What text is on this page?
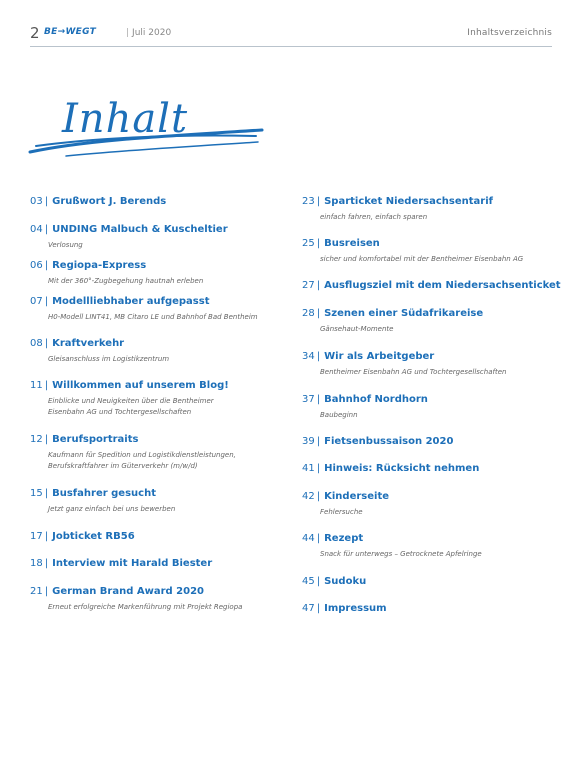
2 BE→WEGT	| Juli 2020	Inhaltsverzeichnis
Inhalt
03 | Grußwort J. Berends
04 | UNDING Malbuch & Kuscheltier
Verlosung
06 | Regiopa-Express
Mit der 360°-Zugbegehung hautnah erleben
07 | Modellliebhaber aufgepasst
H0-Modell LINT41, MB Citaro LE und Bahnhof Bad Bentheim
08 | Kraftverkehr
Gleisanschluss im Logistikzentrum
11 | Willkommen auf unserem Blog!
Einblicke und Neuigkeiten über die Bentheimer
Eisenbahn AG und Tochtergesellschaften
12 | Berufsportraits
Kaufmann für Spedition und Logistikdienstleistungen,
Berufskraftfahrer im Güterverkehr (m/w/d)
15 | Busfahrer gesucht
Jetzt ganz einfach bei uns bewerben
17 | Jobticket RB56
18 | Interview mit Harald Biester
21 | German Brand Award 2020
Erneut erfolgreiche Markenführung mit Projekt Regiopa
23 | Sparticket Niedersachsentarif
einfach fahren, einfach sparen
25 | Busreisen
sicher und komfortabel mit der Bentheimer Eisenbahn AG
27 | Ausflugsziel mit dem Niedersachsenticket
28 | Szenen einer Südafrikareise
Gänsehaut-Momente
34 | Wir als Arbeitgeber
Bentheimer Eisenbahn AG und Tochtergesellschaften
37 | Bahnhof Nordhorn
Baubeginn
39 | Fietsenbussaison 2020
41 | Hinweis: Rücksicht nehmen
42 | Kinderseite
Fehlersuche
44 | Rezept
Snack für unterwegs – Getrocknete Apfelringe
45 | Sudoku
47 | Impressum
